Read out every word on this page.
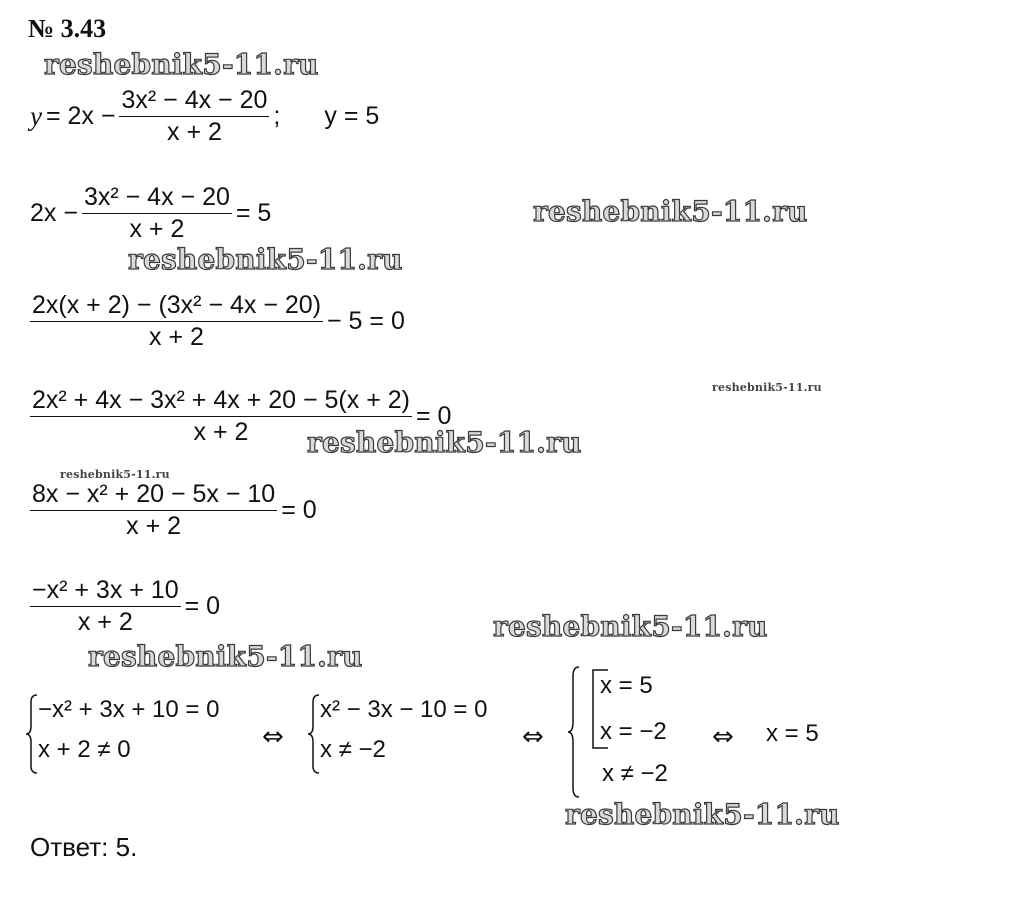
№ 3.43
reshebnik5-11.ru
reshebnik5-11.ru
reshebnik5-11.ru
reshebnik5-11.ru
reshebnik5-11.ru
reshebnik5-11.ru
reshebnik5-11.ru
reshebnik5-11.ru
reshebnik5-11.ru
$y = 2x - \frac{\text{3x² − 4x − 20}}{x + 2}$ ; y = 5
$2x - \frac{\text{3x² − 4x − 20}}{x + 2} = 5$
$\frac{\text{2x(x + 2) − (3x² − 4x − 20)}}{x + 2} - 5 = 0$
$\frac{\text{2x² + 4x − 3x² + 4x + 20 − 5(x + 2)}}{x + 2} = 0$
$\frac{\text{8x − x² + 20 − 5x − 10}}{x + 2} = 0$
$\frac{\text{−x² + 3x + 10}}{x + 2} = 0$
−x² + 3x + 10 = 0
x + 2 ≠ 0	⇔
x² − 3x − 10 = 0
x ≠ −2	⇔
x = 5
x = −2
x ≠ −2
⇔ x = 5
Ответ: 5.
